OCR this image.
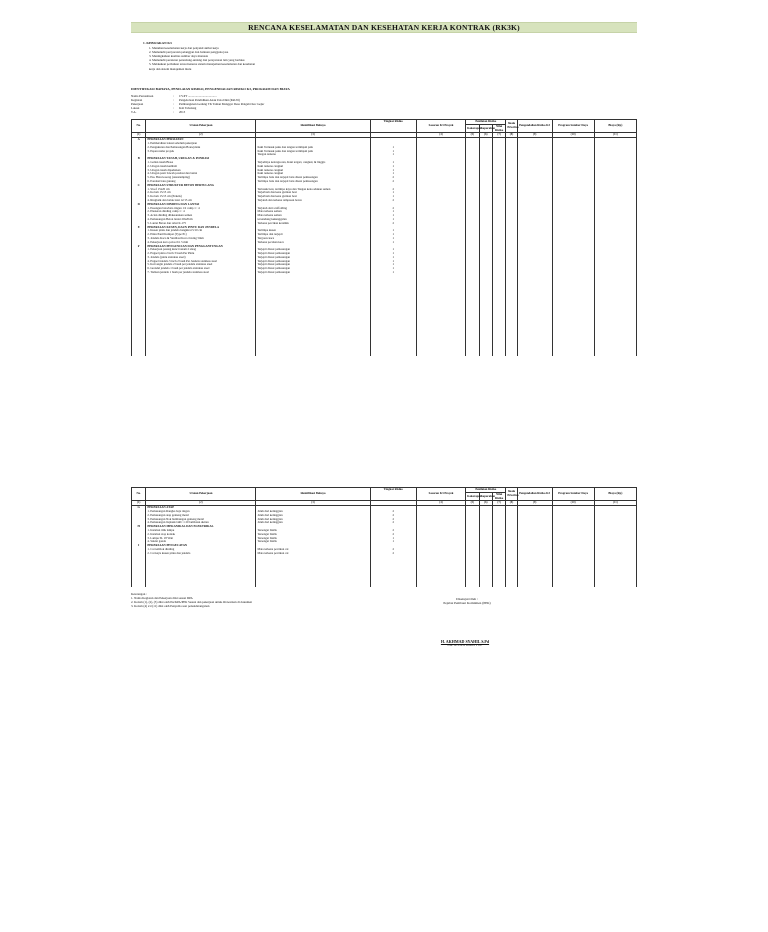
RENCANA KESELAMATAN DAN KESEHATAN KERJA KONTRAK (RK3K)
1. KEBIJAKAN K3
1. Menuhan keselamatan kerja dan penyakit akibat kerja
2. Memenuhi persyaratan pelanggan dan bantuan pengguna jasa
3. Meningkatkan kualitas sumber daya manusia
4. Memenuhi peraturan perundang-undang dan persyaratan lain yang berlaku
5. Melakukan perbaikan terus menerus sistem manajemen keselamatan dan kesehatan
kerja dan sistem manajemen mutu
IDENTIFIKASI BAHAYA, PENILAIAN RISIKO, PENGENDALIAN RISIKO K3, PROGRAM DAN BIAYA
Nama Perusahaan	:	CV.PT .....................................
Kegiatan	:	Pengelolaan Pendidikan Anak Usia Dini (PAUD)
Pekerjaan	:	Pembangunan Gedung TK Taman Manggar Desa Pengabi Kec Gejur
Lokasi	:	Kab Tabalong
T.A.	:	2013
No.	Uraian Pekerjaan	Identifikasi Bahaya	Tingkat Risiko	Sasaran K3 Proyek	Penilaian Risiko			Skala Prioritas	Pengendalian Risiko K3	Program Sumber Daya	Biaya (Rp)
					Kekerapan	Keparahan	Nilai Risiko				
(1)	(2)	(3)		(4)	(5)	(6)	(7)	(8)	(9)	(10)	(11)
A	PEKERJAAN PERSIAPAN										
	1. Pembersihan lokasi sebelum pekerjaan										
	2. Pengukuran dan Pemasangan Bouwplank	Kaki Tertusuk paku dan tangan tertimpah palu	1								
	3. Papan nama proyek	Kaki Tertusuk paku dan tangan tertimpah palu	1								
		Tangan terkena	1								

B	PEKERJAAN TANAH, URUGAN & PONDASI										
	1. Galian tanah Biasa	Terjadinya kelongsoran, Kaki tergari, cangkul, & linggis	1								
	2. Urugan tanah kembali	Kaki terkena cangkul	1								
	3. Urugan tanah dipadatkan	Kaki terkena cangkul	1								
	4. Urugan pasir bawah pondasi dan lantai	Kaki terkena cangkul	1								
	5. Pas. Batu kosong (Aanstamping)	Tertimpa batu dan terjepit batu disaat pemasangan	2								
	6. Pondasi batu gunung	Tertimpa batu dan terjepit batu disaat pemasangan	2								

C	PEKERJAAN STRUKTUR BETON BERTULANG										
	1. Sloof 15x20 cm	Tertusuk besi, tertimpa kayu dan Tangan kena adukan semen	2								
	2. Kolom 15/15 cm	Terjerbam dan kena gurinan besi	1								
	3. Kolom 15/15 cm (Praktis)	Terjerbam dan kena gurinan besi	1								
	4. Ringbalk dan balok latai 12/15 cm	Terjatuh dan terkena rampasan beton	2								

D	PEKERJAAN DINDING DAN LANTAI										
	1. Pasangan bata/bata ringan 1/2 camp 1 : 4	Terjatuh dari scaffolding	2								
	2. Plesteran dinding camp 1 : 4	Mata terkena semen	1								
	3. Acian dinding dilaksanakan semen	Mata terkena semen	1								
	4. Pemasangan Beton lantai 20x20cm	tersandung kekunggalan	1								
	5. Lantai Beton dan rabat K.175	Terkena percikan keramik	2								

E	PEKERJAAN KUSEN, DAUN PINTU DAN JENDELA										
	1. Kusen pintu dan jendela bengkirai 5/10 cm	Tertimpa kusen	1								
	2. Pintu Panil Kamper (Type P1)	Tertimpa dan terjepit	1								
	3. Jendela Kaca & Ventilasi Kaca Jawing 5mm	Tergores kaca	1								
	4. Pekerjaan kaca polos tbl. 5 mm	Terkena pecahan kaca	1								

F	PEKERJAAN PENGUNCIAN DAN PENGGANTUNGAN										
	1. Pekerjaan pasang kunci tanam 2 slaag	Terjepit disaat pemasangan	1								
	2. Engsel pintu 2 inch 3 buah Per Pintu	Terjepit disaat pemasangan	1								
	3. Jendela (pintu stainless steel)	Terjepit disaat pemasangan	1								
	4. Engsel Jendela 3 inch 2 buah Per Jendela stainless steel	Terjepit disaat pemasangan	1								
	5. Kait angin jendela 2 buah per jendela stainless steel	Terjepit disaat pemasangan	1								
	6. Grendel jendela 1 buah per jendela stainless steel	Terjepit disaat pemasangan	1								
	7. Tarikan jendela 1 buah per jendela stainless steel	Terjepit disaat pemasangan	1								

No.	Uraian Pekerjaan	Identifikasi Bahaya	Tingkat Risiko	Sasaran K3 Proyek	Penilaian Risiko			Skala Prioritas	Pengendalian Risiko K3	Program Sumber Daya	Biaya (Rp)
					Kekerapan	Keparahan	Nilai Risiko				
(1)	(2)	(3)		(4)	(5)	(6)	(7)	(8)	(9)	(10)	(11)
G	PEKERJAAN ATAP										
	1. Pemasangan Rangka baja ringan	Jatuh dari ketinggian	2								
	2. Pemasangan atap genteng metal	Jatuh dari ketinggian	2								
	3. Pemasangan Nok bumbungan genteng metal	Jatuh dari ketinggian	2								
	4. Pemasangan lisplank GRC 1 20 lambaian ukiran	Jatuh dari ketinggian	2								

H	PEKERJAAN MEKANIKAL DAN ELEKTRIKAL										
	1. Instalasi titik lampu	Tersengat listrik	2								
	2. Instalasi stop kontak	Tersengat listrik	2								
	3. Lampu SL 18 Watt	Tersengat listrik	1								
	4. Saklar ganda	Tersengat listrik	1								

I	PEKERJAAN PENGECATAN										
	1. Cat tembok dinding	Mata terkena percikan cat	2								
	2. Cat kayu kusen pintu dan jendela	Mata terkena percikan cat	2								

Keterangan :
1. Nama Kegiatan dan Pekerjaan diisi sesuai DPA
2. Kolom (1), (2), (3) diisi oleh PA/KPA/PPK Sesuai dan pekerjaan untuk ditawarkan di dokumen
3. Kolom (4) s/d (11) diisi oleh Penyedia saat penandatanganan
Disetujui Oleh :
Pejabat Pembuat Komitmen (PPK)
H. AKHMAD SYAHIL S.Pd
NIP. 19711231 200801 1 037
